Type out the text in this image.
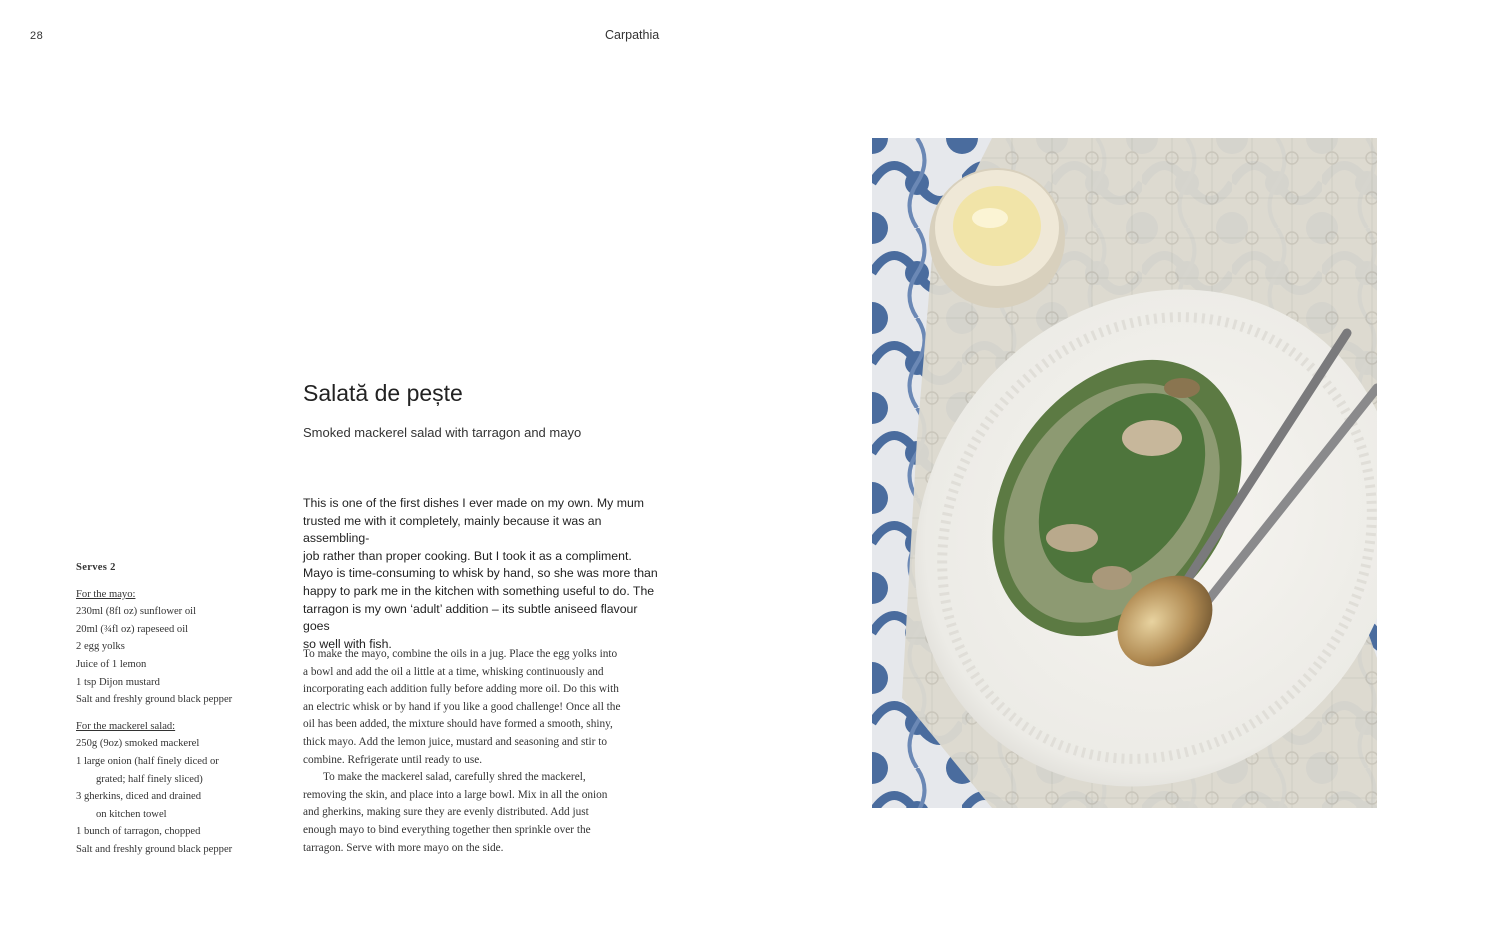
28	Carpathia
Salată de pește

Smoked mackerel salad with tarragon and mayo

This is one of the first dishes I ever made on my own. My mum

trusted me with it completely, mainly because it was an assembling-

job rather than proper cooking. But I took it as a compliment.

Mayo is time-consuming to whisk by hand, so she was more than

happy to park me in the kitchen with something useful to do. The

tarragon is my own ‘adult’ addition – its subtle aniseed flavour goes

so well with fish.

To make the mayo, combine the oils in a jug. Place the egg yolks into

a bowl and add the oil a little at a time, whisking continuously and

incorporating each addition fully before adding more oil. Do this with

an electric whisk or by hand if you like a good challenge! Once all the

oil has been added, the mixture should have formed a smooth, shiny,

thick mayo. Add the lemon juice, mustard and seasoning and stir to

combine. Refrigerate until ready to use.

To make the mackerel salad, carefully shred the mackerel,

removing the skin, and place into a large bowl. Mix in all the onion

and gherkins, making sure they are evenly distributed. Add just

enough mayo to bind everything together then sprinkle over the

tarragon. Serve with more mayo on the side.

Serves 2
For the mayo:
230ml (8fl oz) sunflower oil
20ml (¾fl oz) rapeseed oil
2 egg yolks
Juice of 1 lemon
1 tsp Dijon mustard
Salt and freshly ground black pepper
For the mackerel salad:
250g (9oz) smoked mackerel
1 large onion (half finely diced or
grated; half finely sliced)
3 gherkins, diced and drained
on kitchen towel
1 bunch of tarragon, chopped
Salt and freshly ground black pepper
